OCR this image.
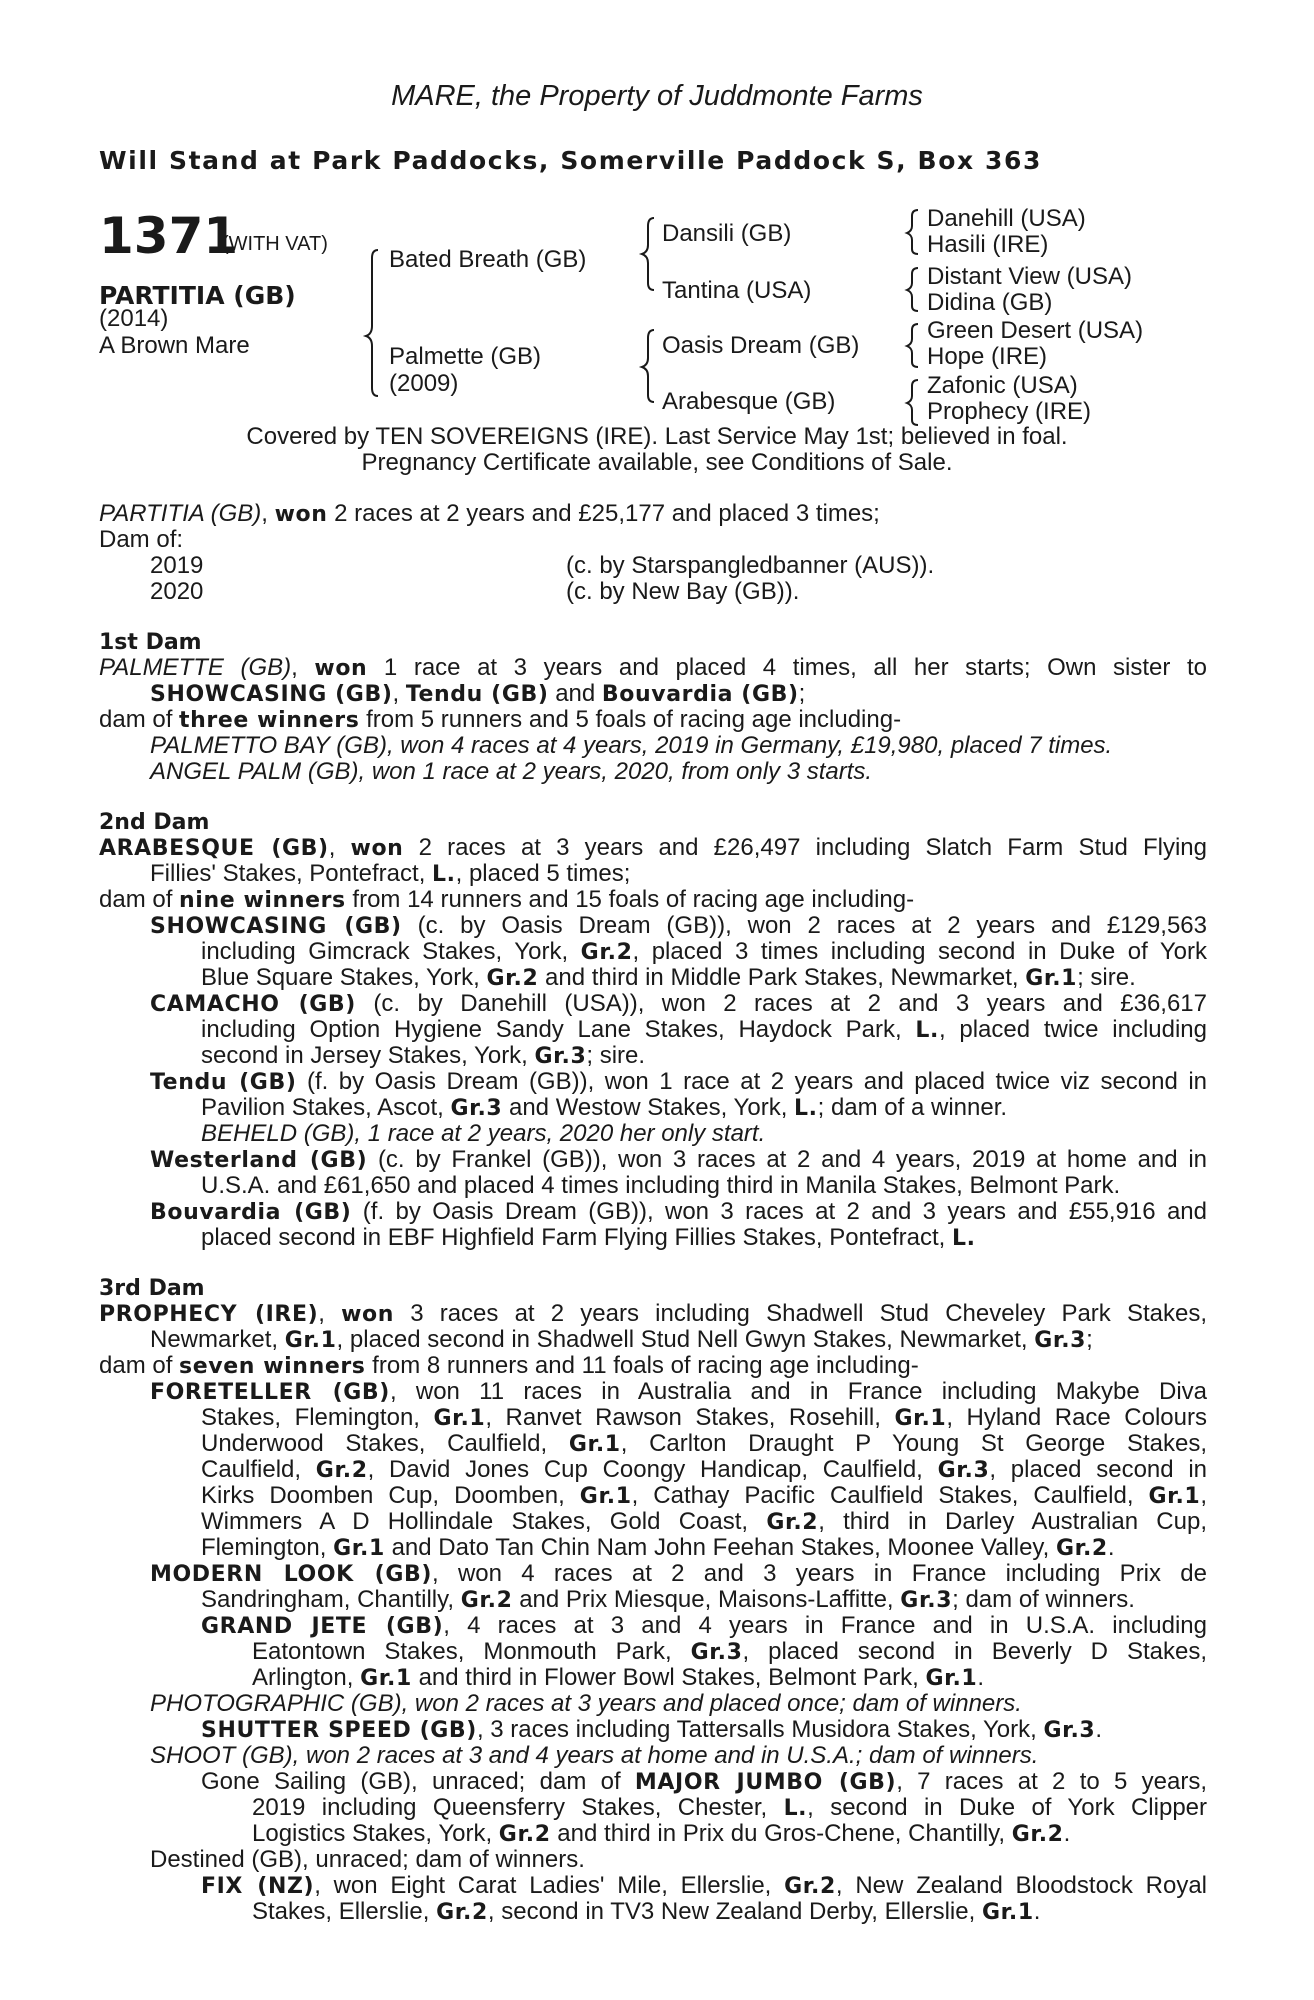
MARE, the Property of Juddmonte Farms
Will Stand at Park Paddocks, Somerville Paddock S, Box 363
1371
(WITH VAT)
PARTITIA (GB)
(2014)
A Brown Mare
Bated Breath (GB)
Palmette (GB)
(2009)
Dansili (GB)
Tantina (USA)
Oasis Dream (GB)
Arabesque (GB)
Danehill (USA)
Hasili (IRE)
Distant View (USA)
Didina (GB)
Green Desert (USA)
Hope (IRE)
Zafonic (USA)
Prophecy (IRE)
Covered by TEN SOVEREIGNS (IRE). Last Service May 1st; believed in foal.
Pregnancy Certificate available, see Conditions of Sale.
PARTITIA (GB), won 2 races at 2 years and £25,177 and placed 3 times;
Dam of:
2019	(c. by Starspangledbanner (AUS)).
2020	(c. by New Bay (GB)).
1st Dam
PALMETTE (GB), won 1 race at 3 years and placed 4 times, all her starts; Own sister to
SHOWCASING (GB), Tendu (GB) and Bouvardia (GB);
dam of three winners from 5 runners and 5 foals of racing age including-
PALMETTO BAY (GB), won 4 races at 4 years, 2019 in Germany, £19,980, placed 7 times.
ANGEL PALM (GB), won 1 race at 2 years, 2020, from only 3 starts.
2nd Dam
ARABESQUE (GB), won 2 races at 3 years and £26,497 including Slatch Farm Stud Flying
Fillies' Stakes, Pontefract, L., placed 5 times;
dam of nine winners from 14 runners and 15 foals of racing age including-
SHOWCASING (GB) (c. by Oasis Dream (GB)), won 2 races at 2 years and £129,563
including Gimcrack Stakes, York, Gr.2, placed 3 times including second in Duke of York
Blue Square Stakes, York, Gr.2 and third in Middle Park Stakes, Newmarket, Gr.1; sire.
CAMACHO (GB) (c. by Danehill (USA)), won 2 races at 2 and 3 years and £36,617
including Option Hygiene Sandy Lane Stakes, Haydock Park, L., placed twice including
second in Jersey Stakes, York, Gr.3; sire.
Tendu (GB) (f. by Oasis Dream (GB)), won 1 race at 2 years and placed twice viz second in
Pavilion Stakes, Ascot, Gr.3 and Westow Stakes, York, L.; dam of a winner.
BEHELD (GB), 1 race at 2 years, 2020 her only start.
Westerland (GB) (c. by Frankel (GB)), won 3 races at 2 and 4 years, 2019 at home and in
U.S.A. and £61,650 and placed 4 times including third in Manila Stakes, Belmont Park.
Bouvardia (GB) (f. by Oasis Dream (GB)), won 3 races at 2 and 3 years and £55,916 and
placed second in EBF Highfield Farm Flying Fillies Stakes, Pontefract, L.
3rd Dam
PROPHECY (IRE), won 3 races at 2 years including Shadwell Stud Cheveley Park Stakes,
Newmarket, Gr.1, placed second in Shadwell Stud Nell Gwyn Stakes, Newmarket, Gr.3;
dam of seven winners from 8 runners and 11 foals of racing age including-
FORETELLER (GB), won 11 races in Australia and in France including Makybe Diva
Stakes, Flemington, Gr.1, Ranvet Rawson Stakes, Rosehill, Gr.1, Hyland Race Colours
Underwood Stakes, Caulfield, Gr.1, Carlton Draught P Young St George Stakes,
Caulfield, Gr.2, David Jones Cup Coongy Handicap, Caulfield, Gr.3, placed second in
Kirks Doomben Cup, Doomben, Gr.1, Cathay Pacific Caulfield Stakes, Caulfield, Gr.1,
Wimmers A D Hollindale Stakes, Gold Coast, Gr.2, third in Darley Australian Cup,
Flemington, Gr.1 and Dato Tan Chin Nam John Feehan Stakes, Moonee Valley, Gr.2.
MODERN LOOK (GB), won 4 races at 2 and 3 years in France including Prix de
Sandringham, Chantilly, Gr.2 and Prix Miesque, Maisons-Laffitte, Gr.3; dam of winners.
GRAND JETE (GB), 4 races at 3 and 4 years in France and in U.S.A. including
Eatontown Stakes, Monmouth Park, Gr.3, placed second in Beverly D Stakes,
Arlington, Gr.1 and third in Flower Bowl Stakes, Belmont Park, Gr.1.
PHOTOGRAPHIC (GB), won 2 races at 3 years and placed once; dam of winners.
SHUTTER SPEED (GB), 3 races including Tattersalls Musidora Stakes, York, Gr.3.
SHOOT (GB), won 2 races at 3 and 4 years at home and in U.S.A.; dam of winners.
Gone Sailing (GB), unraced; dam of MAJOR JUMBO (GB), 7 races at 2 to 5 years,
2019 including Queensferry Stakes, Chester, L., second in Duke of York Clipper
Logistics Stakes, York, Gr.2 and third in Prix du Gros-Chene, Chantilly, Gr.2.
Destined (GB), unraced; dam of winners.
FIX (NZ), won Eight Carat Ladies' Mile, Ellerslie, Gr.2, New Zealand Bloodstock Royal
Stakes, Ellerslie, Gr.2, second in TV3 New Zealand Derby, Ellerslie, Gr.1.
